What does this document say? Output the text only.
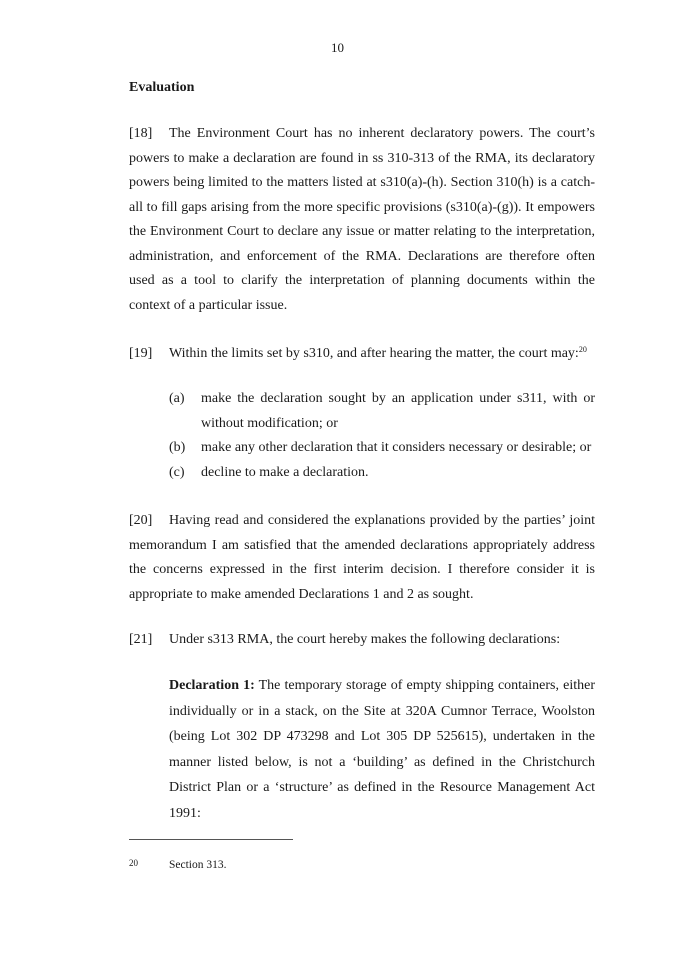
10
Evaluation
[18] The Environment Court has no inherent declaratory powers. The court’s powers to make a declaration are found in ss 310-313 of the RMA, its declaratory powers being limited to the matters listed at s310(a)-(h). Section 310(h) is a catch-all to fill gaps arising from the more specific provisions (s310(a)-(g)). It empowers the Environment Court to declare any issue or matter relating to the interpretation, administration, and enforcement of the RMA. Declarations are therefore often used as a tool to clarify the interpretation of planning documents within the context of a particular issue.
[19] Within the limits set by s310, and after hearing the matter, the court may:$^{20}$
(a) make the declaration sought by an application under s311, with or without modification; or
(b) make any other declaration that it considers necessary or desirable; or
(c) decline to make a declaration.
[20] Having read and considered the explanations provided by the parties’ joint memorandum I am satisfied that the amended declarations appropriately address the concerns expressed in the first interim decision. I therefore consider it is appropriate to make amended Declarations 1 and 2 as sought.
[21] Under s313 RMA, the court hereby makes the following declarations:
Declaration 1: The temporary storage of empty shipping containers, either individually or in a stack, on the Site at 320A Cumnor Terrace, Woolston (being Lot 302 DP 473298 and Lot 305 DP 525615), undertaken in the manner listed below, is not a ‘building’ as defined in the Christchurch District Plan or a ‘structure’ as defined in the Resource Management Act 1991:
20	Section 313.
